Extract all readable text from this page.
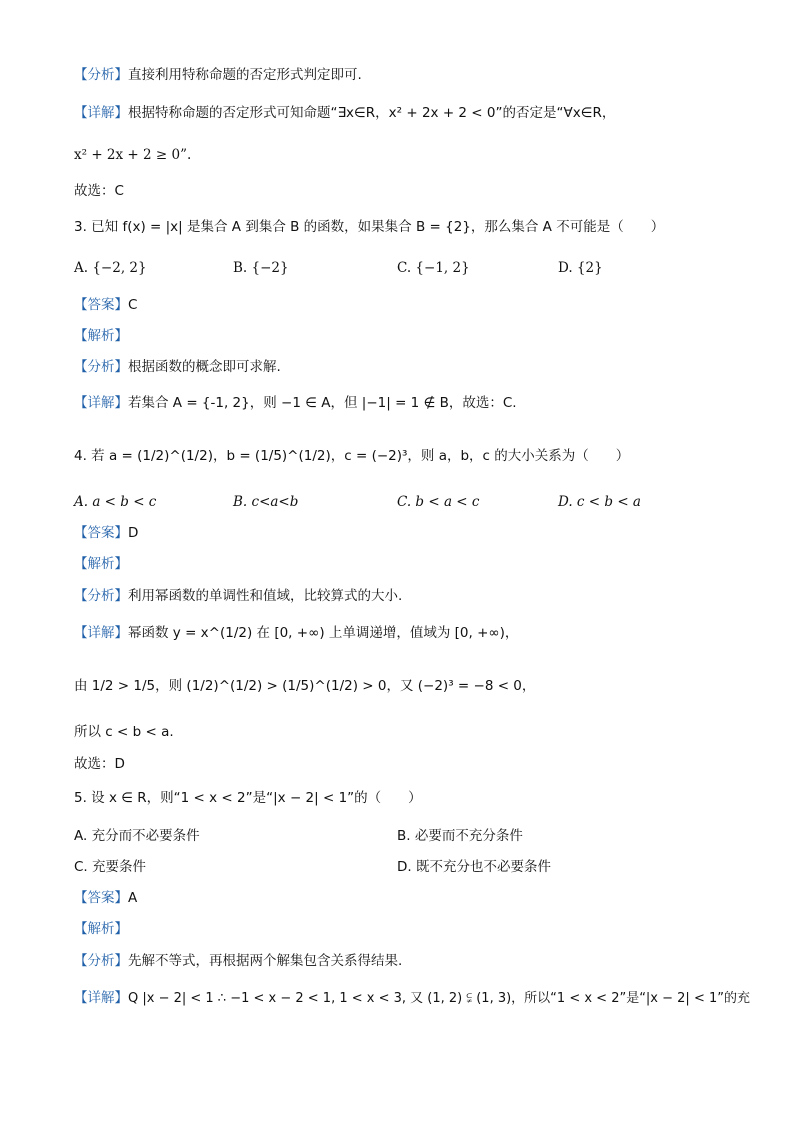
【分析】直接利用特称命题的否定形式判定即可.
【详解】根据特称命题的否定形式可知命题“∃x∈R，x² + 2x + 2 < 0”的否定是“∀x∈R，
x² + 2x + 2 ≥ 0”.
故选：C
3. 已知 f(x) = |x| 是集合 A 到集合 B 的函数，如果集合 B = {2}，那么集合 A 不可能是（　　）
A. {−2, 2}	B. {−2}	C. {−1, 2}	D. {2}
【答案】C
【解析】
【分析】根据函数的概念即可求解.
【详解】若集合 A = {-1, 2}，则 −1 ∈ A，但 |−1| = 1 ∉ B，故选：C.
4. 若 a = (1/2)^(1/2)，b = (1/5)^(1/2)，c = (−2)³，则 a，b，c 的大小关系为（　　）
A. a < b < c	B. c<a<b	C. b < a < c	D. c < b < a
【答案】D
【解析】
【分析】利用幂函数的单调性和值域，比较算式的大小.
【详解】幂函数 y = x^(1/2) 在 [0, +∞) 上单调递增，值域为 [0, +∞)，
由 1/2 > 1/5，则 (1/2)^(1/2) > (1/5)^(1/2) > 0，又 (−2)³ = −8 < 0，
所以 c < b < a.
故选：D
5. 设 x ∈ R，则“1 < x < 2”是“|x − 2| < 1”的（　　）
A. 充分而不必要条件	B. 必要而不充分条件
C. 充要条件	D. 既不充分也不必要条件
【答案】A
【解析】
【分析】先解不等式，再根据两个解集包含关系得结果.
【详解】Q |x − 2| < 1 ∴ −1 < x − 2 < 1, 1 < x < 3, 又 (1, 2) ⫋ (1, 3)，所以“1 < x < 2”是“|x − 2| < 1”的充
